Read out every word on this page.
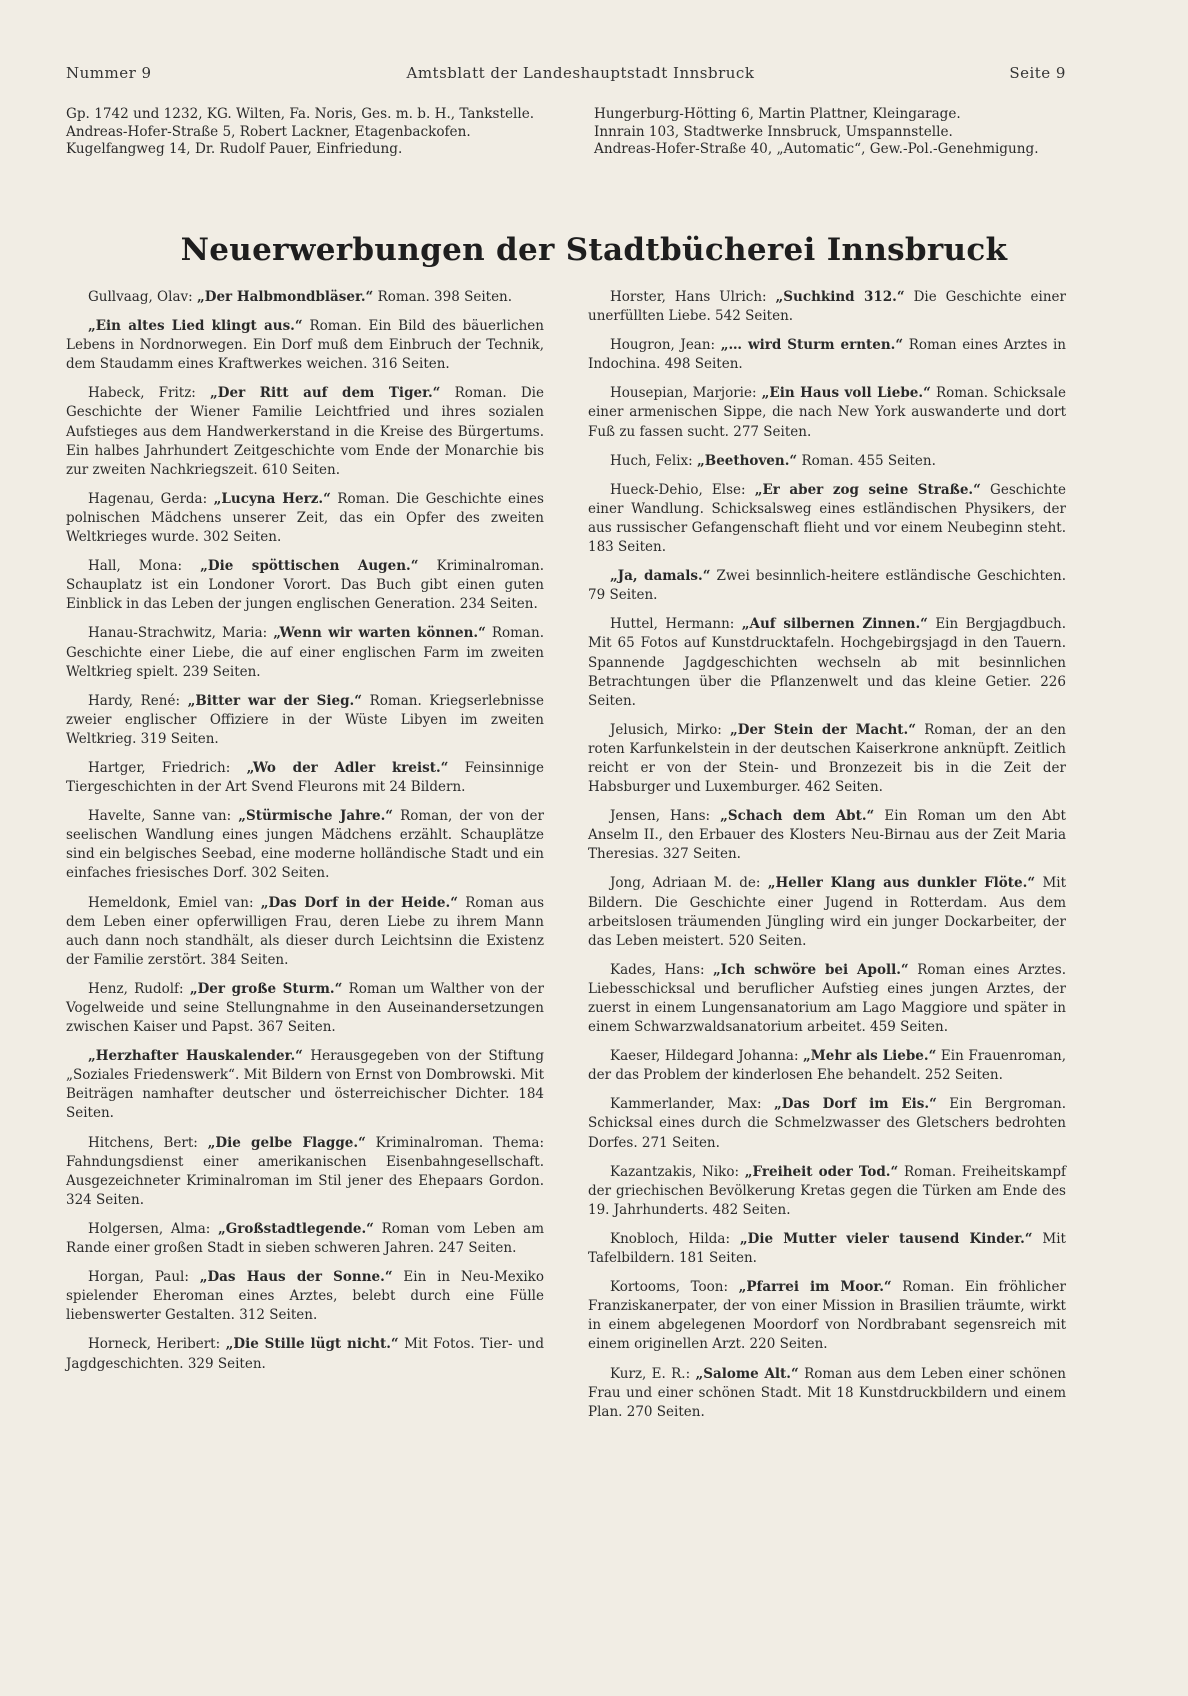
Nummer 9	Amtsblatt der Landeshauptstadt Innsbruck	Seite 9

Gp. 1742 und 1232, KG. Wilten, Fa. Noris, Ges. m. b. H., Tankstelle.

Andreas-Hofer-Straße 5, Robert Lackner, Etagenbackofen.

Kugelfangweg 14, Dr. Rudolf Pauer, Einfriedung.

Hungerburg-Hötting 6, Martin Plattner, Kleingarage.

Innrain 103, Stadtwerke Innsbruck, Umspannstelle.

Andreas-Hofer-Straße 40, „Automatic“, Gew.-Pol.-Genehmigung.

Neuerwerbungen der Stadtbücherei Innsbruck

Gullvaag, Olav: „Der Halbmondbläser.“ Roman. 398 Seiten.

„Ein altes Lied klingt aus.“ Roman. Ein Bild des bäuerlichen Lebens in Nordnorwegen. Ein Dorf muß dem Einbruch der Technik, dem Staudamm eines Kraftwerkes weichen. 316 Seiten.

Habeck, Fritz: „Der Ritt auf dem Tiger.“ Roman. Die Geschichte der Wiener Familie Leichtfried und ihres sozialen Aufstieges aus dem Handwerkerstand in die Kreise des Bürgertums. Ein halbes Jahrhundert Zeitgeschichte vom Ende der Monarchie bis zur zweiten Nachkriegszeit. 610 Seiten.

Hagenau, Gerda: „Lucyna Herz.“ Roman. Die Geschichte eines polnischen Mädchens unserer Zeit, das ein Opfer des zweiten Weltkrieges wurde. 302 Seiten.

Hall, Mona: „Die spöttischen Augen.“ Kriminalroman. Schauplatz ist ein Londoner Vorort. Das Buch gibt einen guten Einblick in das Leben der jungen englischen Generation. 234 Seiten.

Hanau-Strachwitz, Maria: „Wenn wir warten können.“ Roman. Geschichte einer Liebe, die auf einer englischen Farm im zweiten Weltkrieg spielt. 239 Seiten.

Hardy, René: „Bitter war der Sieg.“ Roman. Kriegserlebnisse zweier englischer Offiziere in der Wüste Libyen im zweiten Weltkrieg. 319 Seiten.

Hartger, Friedrich: „Wo der Adler kreist.“ Feinsinnige Tiergeschichten in der Art Svend Fleurons mit 24 Bildern.

Havelte, Sanne van: „Stürmische Jahre.“ Roman, der von der seelischen Wandlung eines jungen Mädchens erzählt. Schauplätze sind ein belgisches Seebad, eine moderne holländische Stadt und ein einfaches friesisches Dorf. 302 Seiten.

Hemeldonk, Emiel van: „Das Dorf in der Heide.“ Roman aus dem Leben einer opferwilligen Frau, deren Liebe zu ihrem Mann auch dann noch standhält, als dieser durch Leichtsinn die Existenz der Familie zerstört. 384 Seiten.

Henz, Rudolf: „Der große Sturm.“ Roman um Walther von der Vogelweide und seine Stellungnahme in den Auseinandersetzungen zwischen Kaiser und Papst. 367 Seiten.

„Herzhafter Hauskalender.“ Herausgegeben von der Stiftung „Soziales Friedenswerk“. Mit Bildern von Ernst von Dombrowski. Mit Beiträgen namhafter deutscher und österreichischer Dichter. 184 Seiten.

Hitchens, Bert: „Die gelbe Flagge.“ Kriminalroman. Thema: Fahndungsdienst einer amerikanischen Eisenbahngesellschaft. Ausgezeichneter Kriminalroman im Stil jener des Ehepaars Gordon. 324 Seiten.

Holgersen, Alma: „Großstadtlegende.“ Roman vom Leben am Rande einer großen Stadt in sieben schweren Jahren. 247 Seiten.

Horgan, Paul: „Das Haus der Sonne.“ Ein in Neu-Mexiko spielender Eheroman eines Arztes, belebt durch eine Fülle liebenswerter Gestalten. 312 Seiten.

Horneck, Heribert: „Die Stille lügt nicht.“ Mit Fotos. Tier- und Jagdgeschichten. 329 Seiten.

Horster, Hans Ulrich: „Suchkind 312.“ Die Geschichte einer unerfüllten Liebe. 542 Seiten.

Hougron, Jean: „… wird Sturm ernten.“ Roman eines Arztes in Indochina. 498 Seiten.

Housepian, Marjorie: „Ein Haus voll Liebe.“ Roman. Schicksale einer armenischen Sippe, die nach New York auswanderte und dort Fuß zu fassen sucht. 277 Seiten.

Huch, Felix: „Beethoven.“ Roman. 455 Seiten.

Hueck-Dehio, Else: „Er aber zog seine Straße.“ Geschichte einer Wandlung. Schicksalsweg eines estländischen Physikers, der aus russischer Gefangenschaft flieht und vor einem Neubeginn steht. 183 Seiten.

„Ja, damals.“ Zwei besinnlich-heitere estländische Geschichten. 79 Seiten.

Huttel, Hermann: „Auf silbernen Zinnen.“ Ein Bergjagdbuch. Mit 65 Fotos auf Kunstdrucktafeln. Hochgebirgsjagd in den Tauern. Spannende Jagdgeschichten wechseln ab mit besinnlichen Betrachtungen über die Pflanzenwelt und das kleine Getier. 226 Seiten.

Jelusich, Mirko: „Der Stein der Macht.“ Roman, der an den roten Karfunkelstein in der deutschen Kaiserkrone anknüpft. Zeitlich reicht er von der Stein- und Bronzezeit bis in die Zeit der Habsburger und Luxemburger. 462 Seiten.

Jensen, Hans: „Schach dem Abt.“ Ein Roman um den Abt Anselm II., den Erbauer des Klosters Neu-Birnau aus der Zeit Maria Theresias. 327 Seiten.

Jong, Adriaan M. de: „Heller Klang aus dunkler Flöte.“ Mit Bildern. Die Geschichte einer Jugend in Rotterdam. Aus dem arbeitslosen träumenden Jüngling wird ein junger Dockarbeiter, der das Leben meistert. 520 Seiten.

Kades, Hans: „Ich schwöre bei Apoll.“ Roman eines Arztes. Liebesschicksal und beruflicher Aufstieg eines jungen Arztes, der zuerst in einem Lungensanatorium am Lago Maggiore und später in einem Schwarzwaldsanatorium arbeitet. 459 Seiten.

Kaeser, Hildegard Johanna: „Mehr als Liebe.“ Ein Frauenroman, der das Problem der kinderlosen Ehe behandelt. 252 Seiten.

Kammerlander, Max: „Das Dorf im Eis.“ Ein Bergroman. Schicksal eines durch die Schmelzwasser des Gletschers bedrohten Dorfes. 271 Seiten.

Kazantzakis, Niko: „Freiheit oder Tod.“ Roman. Freiheitskampf der griechischen Bevölkerung Kretas gegen die Türken am Ende des 19. Jahrhunderts. 482 Seiten.

Knobloch, Hilda: „Die Mutter vieler tausend Kinder.“ Mit Tafelbildern. 181 Seiten.

Kortooms, Toon: „Pfarrei im Moor.“ Roman. Ein fröhlicher Franziskanerpater, der von einer Mission in Brasilien träumte, wirkt in einem abgelegenen Moordorf von Nordbrabant segensreich mit einem originellen Arzt. 220 Seiten.

Kurz, E. R.: „Salome Alt.“ Roman aus dem Leben einer schönen Frau und einer schönen Stadt. Mit 18 Kunstdruckbildern und einem Plan. 270 Seiten.
